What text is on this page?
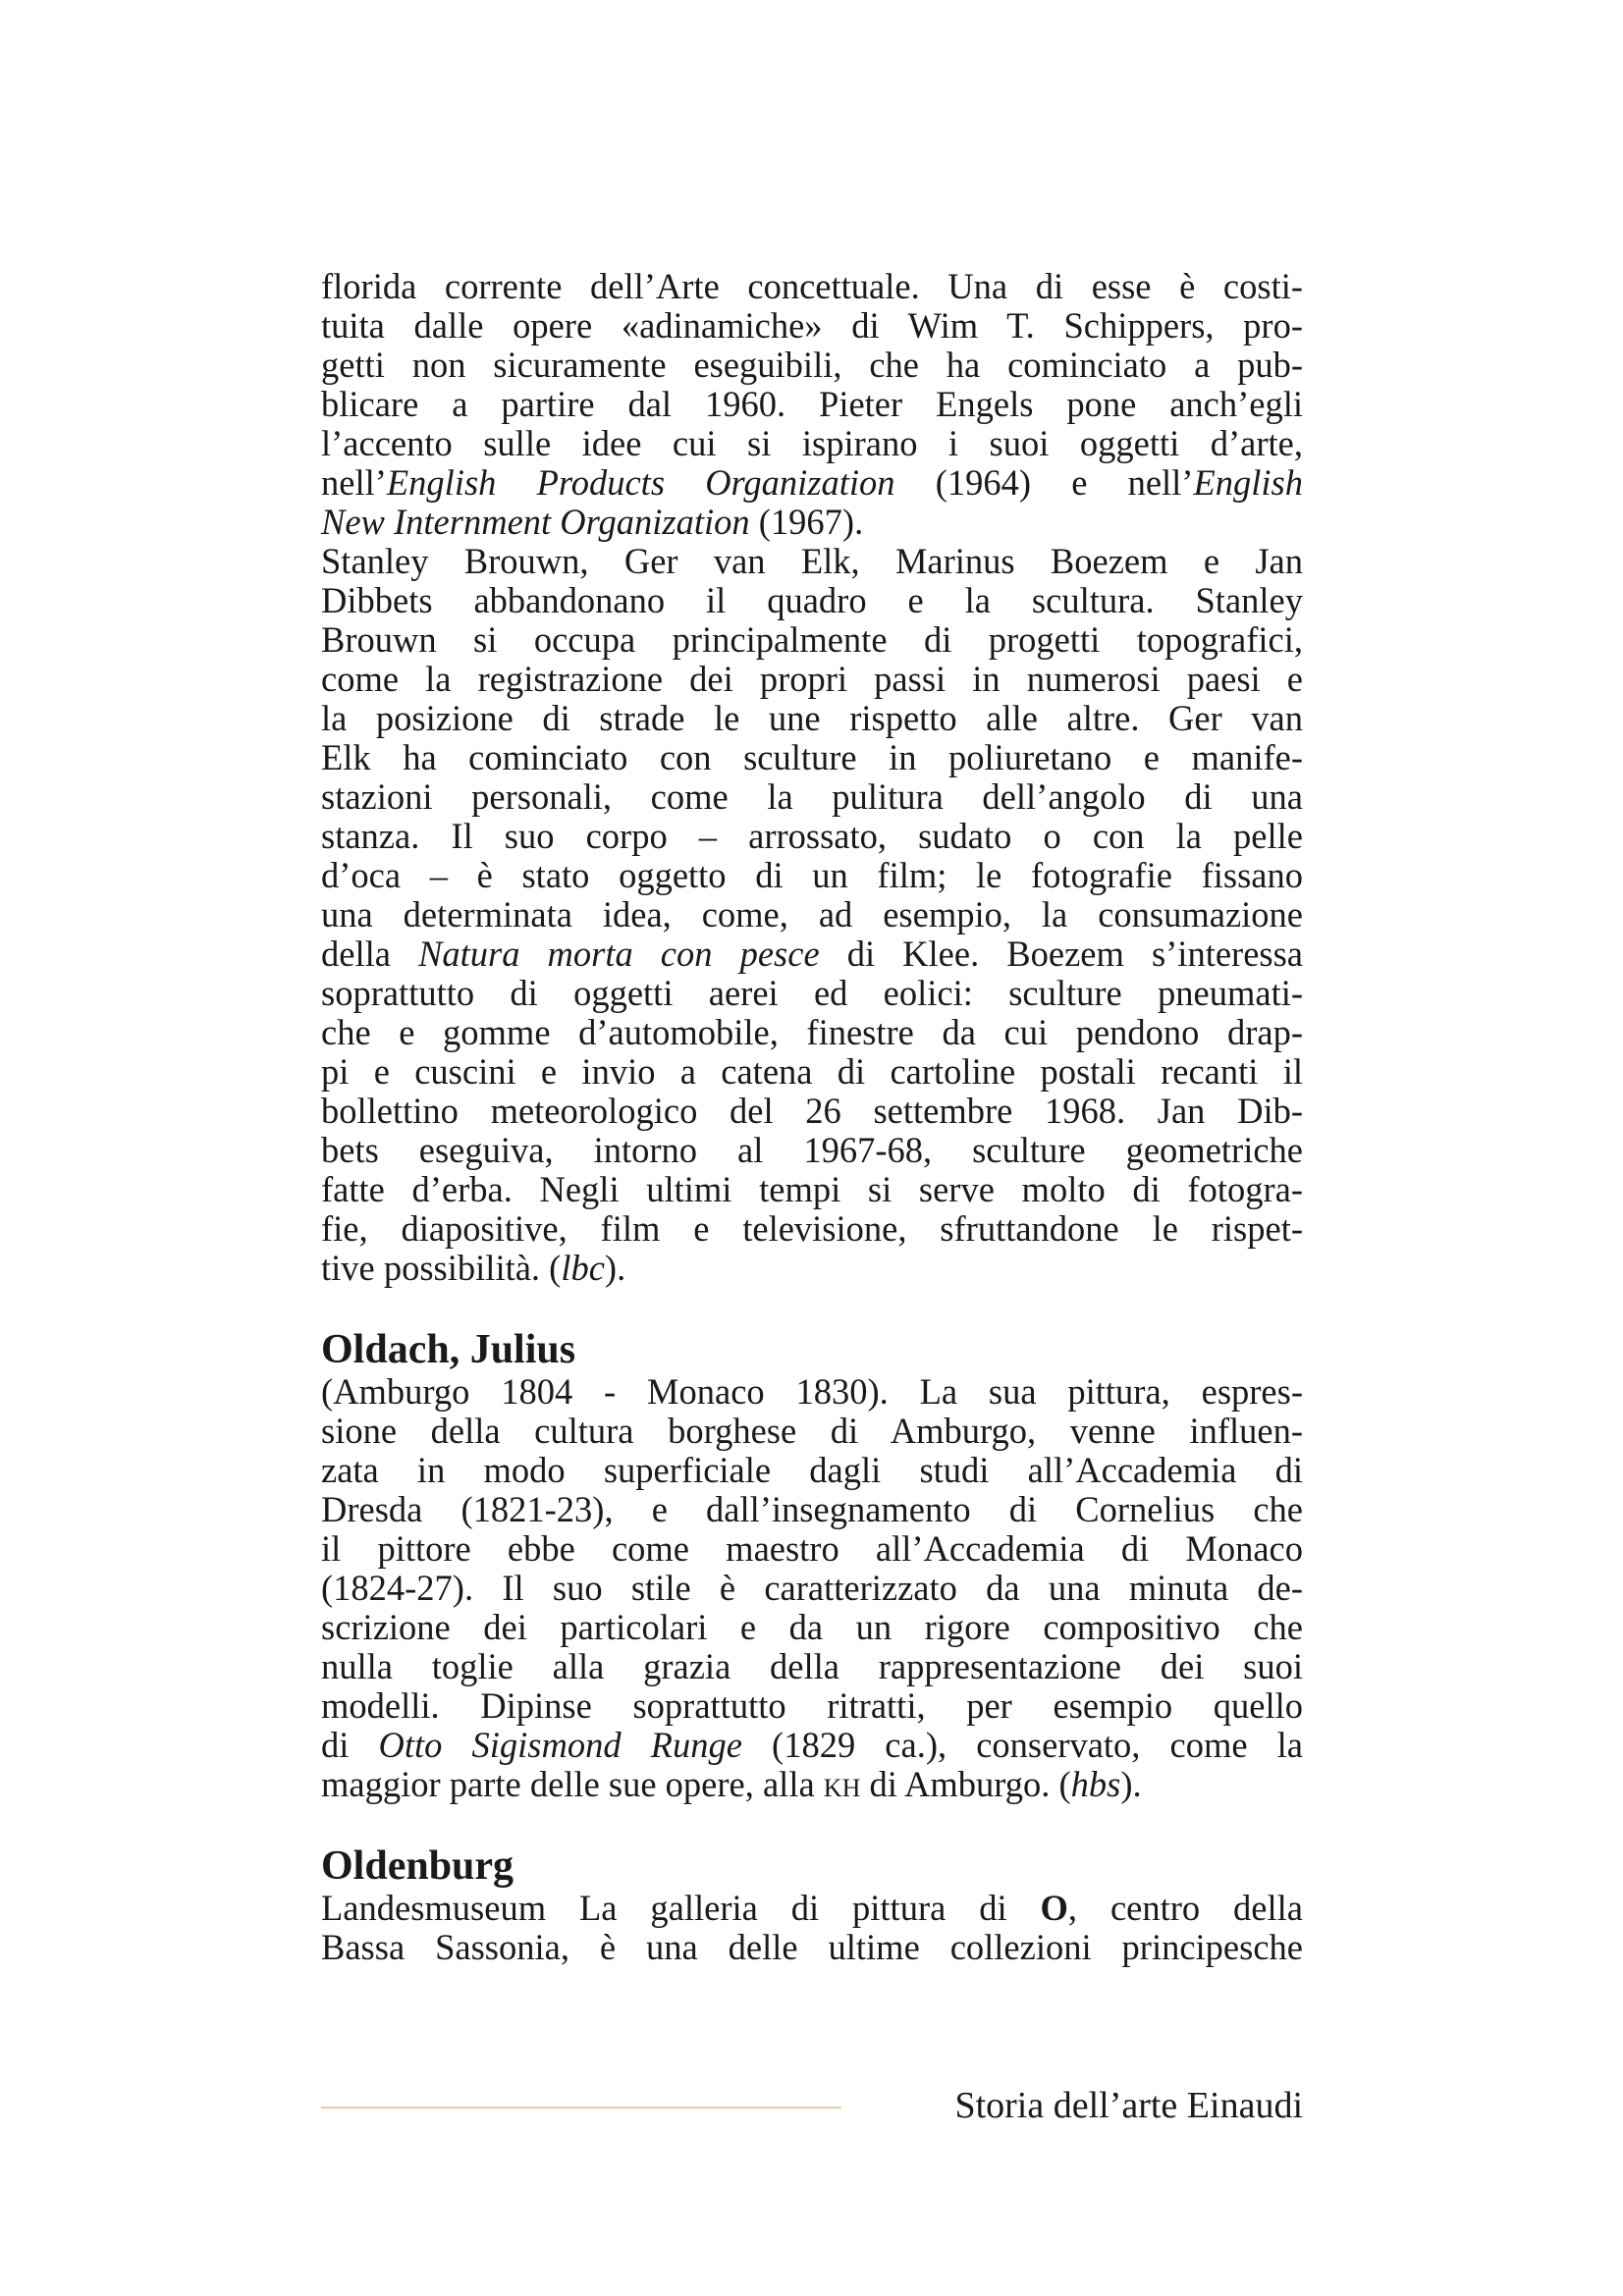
florida corrente dell’Arte concettuale. Una di esse è costi-
tuita dalle opere «adinamiche» di Wim T. Schippers, pro-
getti non sicuramente eseguibili, che ha cominciato a pub-
blicare a partire dal 1960. Pieter Engels pone anch’egli
l’accento sulle idee cui si ispirano i suoi oggetti d’arte,
nell’English Products Organization (1964) e nell’English
New Internment Organization (1967).
Stanley Brouwn, Ger van Elk, Marinus Boezem e Jan
Dibbets abbandonano il quadro e la scultura. Stanley
Brouwn si occupa principalmente di progetti topografici,
come la registrazione dei propri passi in numerosi paesi e
la posizione di strade le une rispetto alle altre. Ger van
Elk ha cominciato con sculture in poliuretano e manife-
stazioni personali, come la pulitura dell’angolo di una
stanza. Il suo corpo – arrossato, sudato o con la pelle
d’oca – è stato oggetto di un film; le fotografie fissano
una determinata idea, come, ad esempio, la consumazione
della Natura morta con pesce di Klee. Boezem s’interessa
soprattutto di oggetti aerei ed eolici: sculture pneumati-
che e gomme d’automobile, finestre da cui pendono drap-
pi e cuscini e invio a catena di cartoline postali recanti il
bollettino meteorologico del 26 settembre 1968. Jan Dib-
bets eseguiva, intorno al 1967-68, sculture geometriche
fatte d’erba. Negli ultimi tempi si serve molto di fotogra-
fie, diapositive, film e televisione, sfruttandone le rispet-
tive possibilità. (lbc).
Oldach, Julius
(Amburgo 1804 - Monaco 1830). La sua pittura, espres-
sione della cultura borghese di Amburgo, venne influen-
zata in modo superficiale dagli studi all’Accademia di
Dresda (1821-23), e dall’insegnamento di Cornelius che
il pittore ebbe come maestro all’Accademia di Monaco
(1824-27). Il suo stile è caratterizzato da una minuta de-
scrizione dei particolari e da un rigore compositivo che
nulla toglie alla grazia della rappresentazione dei suoi
modelli. Dipinse soprattutto ritratti, per esempio quello
di Otto Sigismond Runge (1829 ca.), conservato, come la
maggior parte delle sue opere, alla kh di Amburgo. (hbs).
Oldenburg
Landesmuseum La galleria di pittura di O, centro della
Bassa Sassonia, è una delle ultime collezioni principesche
Storia dell’arte Einaudi
